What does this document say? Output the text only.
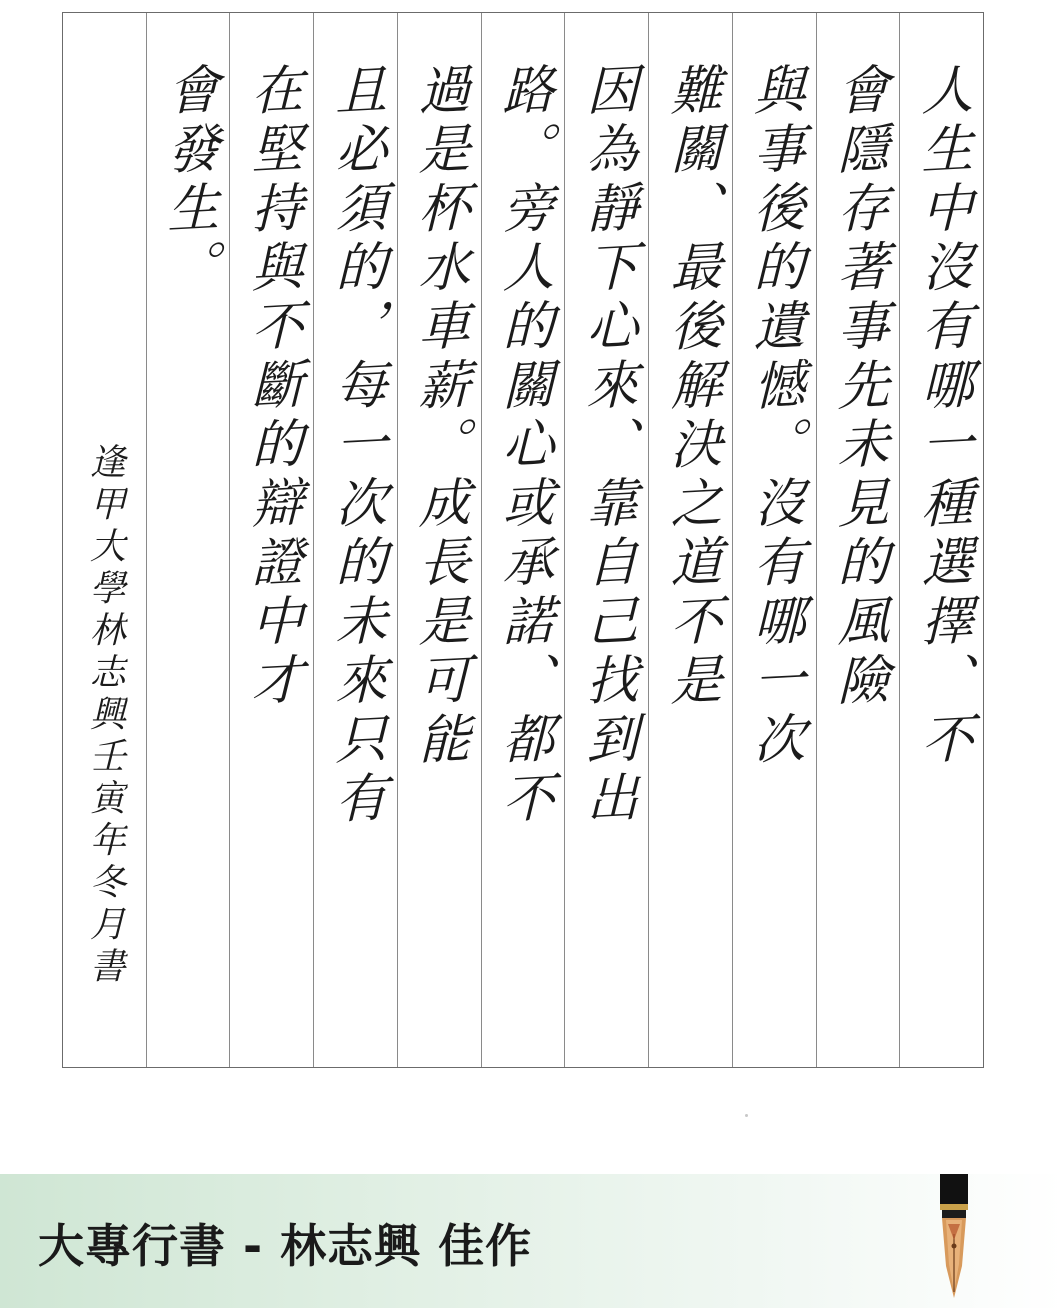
逢甲大學林志興壬寅年冬月書
會發生。 在堅持與不斷的辯證中才 且必須的，每一次的未來只有 過是杯水車薪。成長是可能 路。旁人的關心或承諾、都不 因為靜下心來、靠自己找到出 難關、最後解決之道不是 與事後的遺憾。沒有哪一次 會隱存著事先未見的風險 人生中沒有哪一種選擇、不
大專行書 - 林志興 佳作
